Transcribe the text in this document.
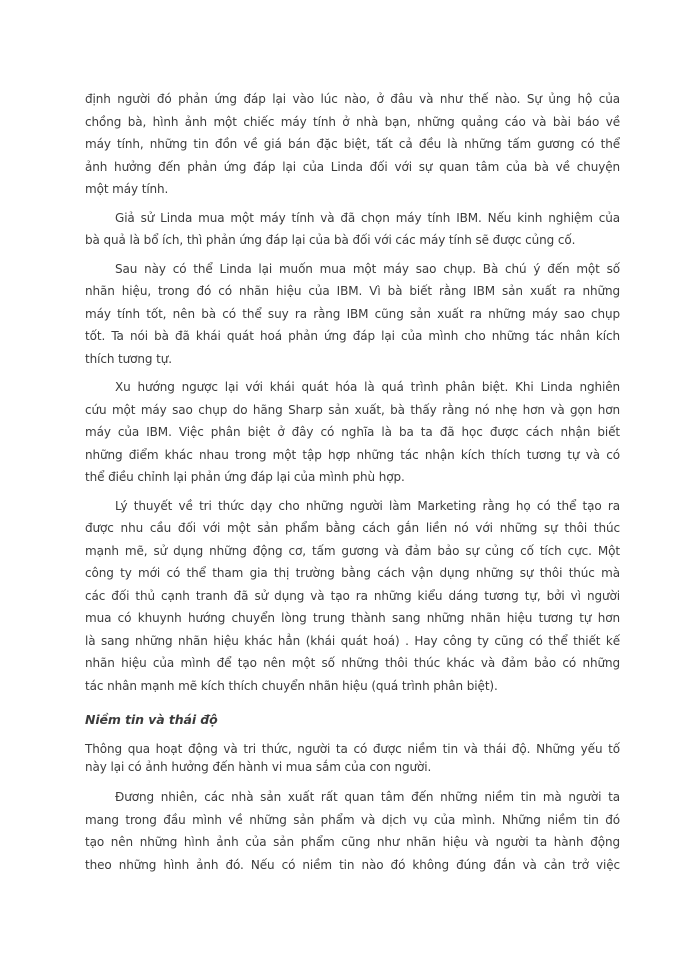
định người đó phản ứng đáp lại vào lúc nào, ở đâu và như thế nào. Sự ủng hộ của
chồng bà, hình ảnh một chiếc máy tính ở nhà bạn, những quảng cáo và bài báo về
máy tính, những tin đồn về giá bán đặc biệt, tất cả đều là những tấm gương có thể
ảnh hưởng đến phản ứng đáp lại của Linda đối với sự quan tâm của bà về chuyện
một máy tính.
Giả sử Linda mua một máy tính và đã chọn máy tính IBM. Nếu kinh nghiệm của
bà quả là bổ ích, thì phản ứng đáp lại của bà đối với các máy tính sẽ được củng cố.
Sau này có thể Linda lại muốn mua một máy sao chụp. Bà chú ý đến một số
nhãn hiệu, trong đó có nhãn hiệu của IBM. Vì bà biết rằng IBM sản xuất ra những
máy tính tốt, nên bà có thể suy ra rằng IBM cũng sản xuất ra những máy sao chụp
tốt. Ta nói bà đã khái quát hoá phản ứng đáp lại của mình cho những tác nhân kích
thích tương tự.
Xu hướng ngược lại với khái quát hóa là quá trình phân biệt. Khi Linda nghiên
cứu một máy sao chụp do hãng Sharp sản xuất, bà thấy rằng nó nhẹ hơn và gọn hơn
máy của IBM. Việc phân biệt ở đây có nghĩa là ba ta đã học được cách nhận biết
những điểm khác nhau trong một tập hợp những tác nhận kích thích tương tự và có
thể điều chỉnh lại phản ứng đáp lại của mình phù hợp.
Lý thuyết về tri thức dạy cho những người làm Marketing rằng họ có thể tạo ra
được nhu cầu đối với một sản phẩm bằng cách gắn liền nó với những sự thôi thúc
mạnh mẽ, sử dụng những động cơ, tấm gương và đảm bảo sự củng cố tích cực. Một
công ty mới có thể tham gia thị trường bằng cách vận dụng những sự thôi thúc mà
các đối thủ cạnh tranh đã sử dụng và tạo ra những kiểu dáng tương tự, bởi vì người
mua có khuynh hướng chuyển lòng trung thành sang những nhãn hiệu tương tự hơn
là sang những nhãn hiệu khác hẳn (khái quát hoá) . Hay công ty cũng có thể thiết kế
nhãn hiệu của mình để tạo nên một số những thôi thúc khác và đảm bảo có những
tác nhân mạnh mẽ kích thích chuyển nhãn hiệu (quá trình phân biệt).
Niềm tin và thái độ
Thông qua hoạt động và tri thức, người ta có được niềm tin và thái độ. Những yếu tố
này lại có ảnh hưởng đến hành vi mua sắm của con người.
Đương nhiên, các nhà sản xuất rất quan tâm đến những niềm tin mà người ta
mang trong đầu mình về những sản phẩm và dịch vụ của mình. Những niềm tin đó
tạo nên những hình ảnh của sản phẩm cũng như nhãn hiệu và người ta hành động
theo những hình ảnh đó. Nếu có niềm tin nào đó không đúng đắn và cản trở việc
